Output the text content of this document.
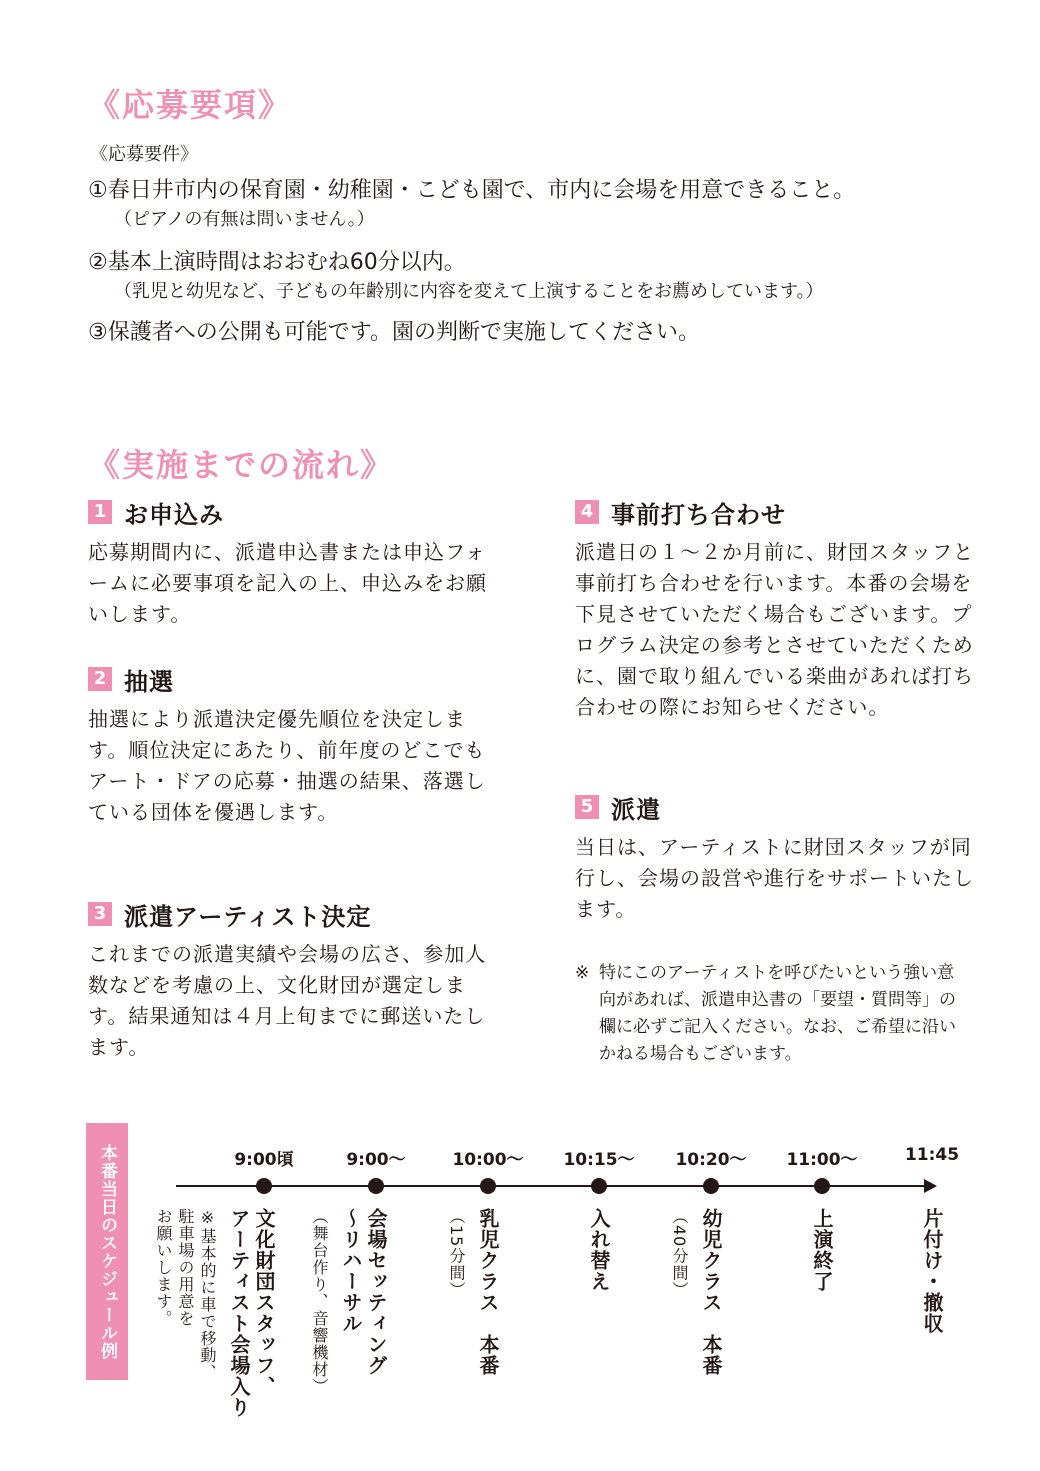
《応募要項》
《応募要件》
①春日井市内の保育園・幼稚園・こども園で、市内に会場を用意できること。
（ピアノの有無は問いません。）
②基本上演時間はおおむね60分以内。
（乳児と幼児など、子どもの年齢別に内容を変えて上演することをお薦めしています。）
③保護者への公開も可能です。園の判断で実施してください。
《実施までの流れ》
1 お申込み
応募期間内に、派遣申込書または申込フォームに必要事項を記入の上、申込みをお願いします。
2 抽選
抽選により派遣決定優先順位を決定します。順位決定にあたり、前年度のどこでもアート・ドアの応募・抽選の結果、落選している団体を優遇します。
3 派遣アーティスト決定
これまでの派遣実績や会場の広さ、参加人数などを考慮の上、文化財団が選定します。結果通知は４月上旬までに郵送いたします。
4 事前打ち合わせ
派遣日の１～２か月前に、財団スタッフと事前打ち合わせを行います。本番の会場を下見させていただく場合もございます。プログラム決定の参考とさせていただくために、園で取り組んでいる楽曲があれば打ち合わせの際にお知らせください。
5 派遣
当日は、アーティストに財団スタッフが同行し、会場の設営や進行をサポートいたします。
※ 特にこのアーティストを呼びたいという強い意向があれば、派遣申込書の「要望・質問等」の欄に必ずご記入ください。なお、ご希望に沿いかねる場合もございます。
本番当日のスケジュール例	9:00頃
文化財団スタッフ、
アーティスト会場入り
※基本的に車で移動、
駐車場の用意を
お願いします。
9:00～
会場セッティング
～リハーサル
（舞台作り、音響機材）
10:00～
乳児クラス　本番
（15分間）
10:15～
入れ替え
10:20～
幼児クラス　本番
（40分間）
11:00～
上演終了
11:45
片付け・撤収
